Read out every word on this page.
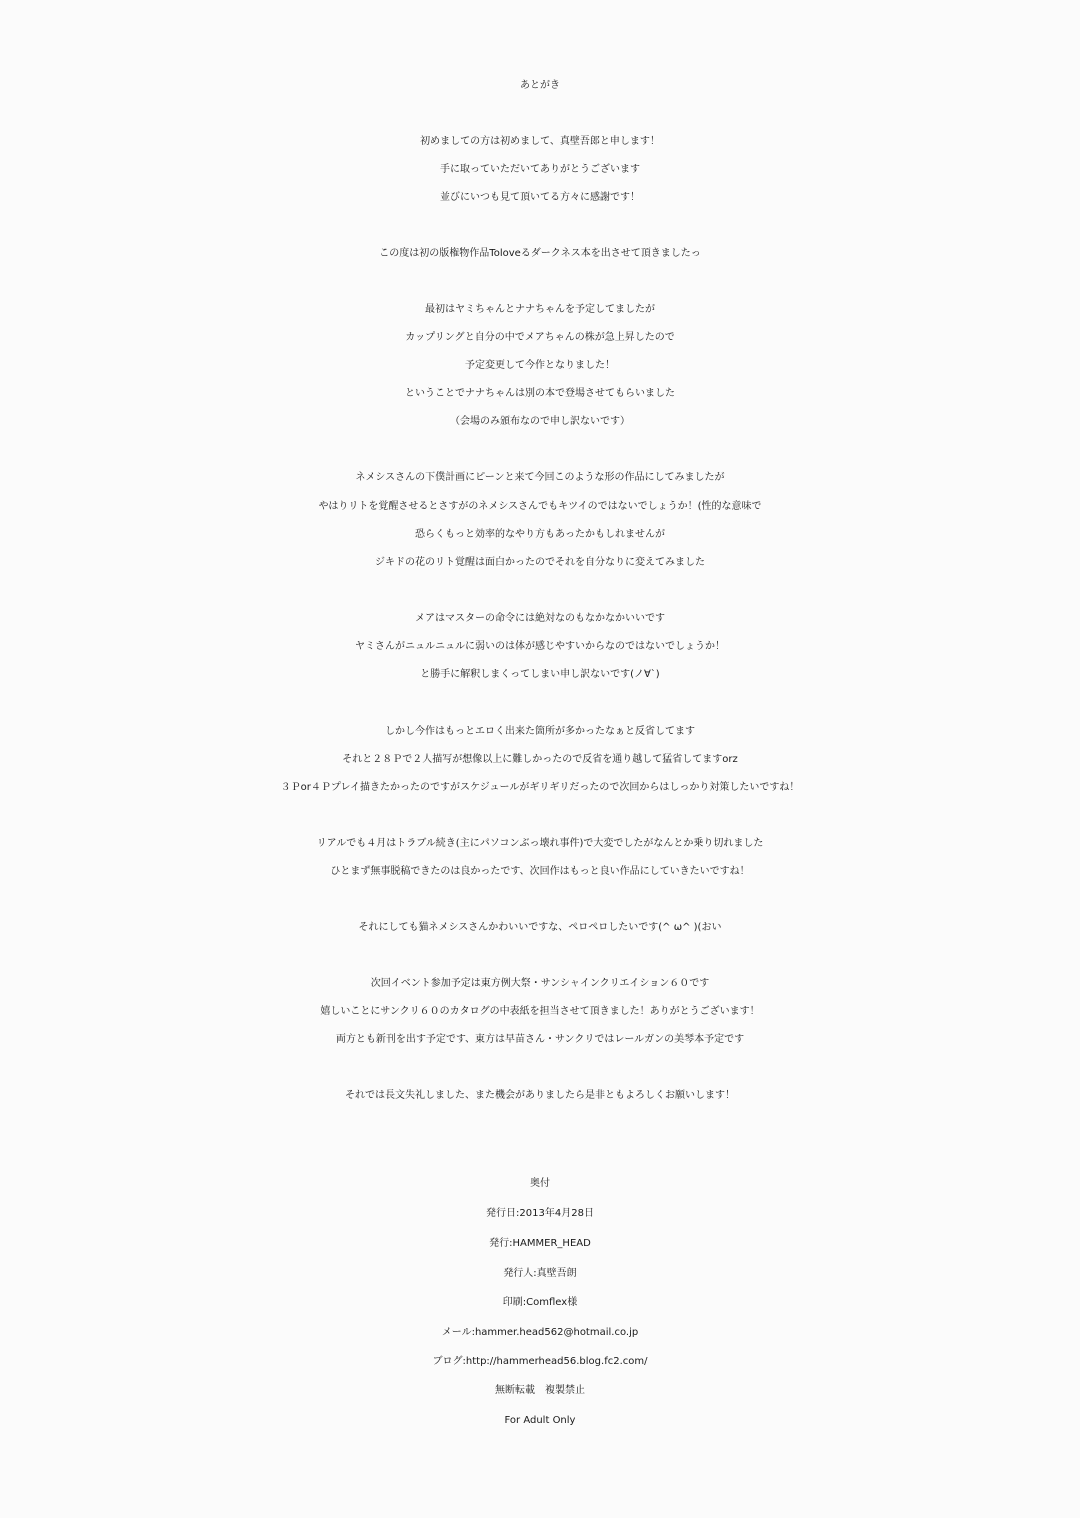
あとがき
初めましての方は初めまして、真壁吾郎と申します！
手に取っていただいてありがとうございます
並びにいつも見て頂いてる方々に感謝です！
この度は初の版権物作品Toloveるダークネス本を出させて頂きましたっ
最初はヤミちゃんとナナちゃんを予定してましたが
カップリングと自分の中でメアちゃんの株が急上昇したので
予定変更して今作となりました！
ということでナナちゃんは別の本で登場させてもらいました
（会場のみ頒布なので申し訳ないです）
ネメシスさんの下僕計画にピーンと来て今回このような形の作品にしてみましたが
やはりリトを覚醒させるとさすがのネメシスさんでもキツイのではないでしょうか！(性的な意味で
恐らくもっと効率的なやり方もあったかもしれませんが
ジキドの花のリト覚醒は面白かったのでそれを自分なりに変えてみました
メアはマスターの命令には絶対なのもなかなかいいです
ヤミさんがニュルニュルに弱いのは体が感じやすいからなのではないでしょうか！
と勝手に解釈しまくってしまい申し訳ないです(ノ∀`)
しかし今作はもっとエロく出来た箇所が多かったなぁと反省してます
それと２８Ｐで２人描写が想像以上に難しかったので反省を通り越して猛省してますorz
３Ｐor４Ｐプレイ描きたかったのですがスケジュールがギリギリだったので次回からはしっかり対策したいですね！
リアルでも４月はトラブル続き(主にパソコンぶっ壊れ事件)で大変でしたがなんとか乗り切れました
ひとまず無事脱稿できたのは良かったです、次回作はもっと良い作品にしていきたいですね！
それにしても猫ネメシスさんかわいいですな、ペロペロしたいです(^ ω^ )(おい
次回イベント参加予定は東方例大祭・サンシャインクリエイション６０です
嬉しいことにサンクリ６０のカタログの中表紙を担当させて頂きました！ありがとうございます！
両方とも新刊を出す予定です、東方は早苗さん・サンクリではレールガンの美琴本予定です
それでは長文失礼しました、また機会がありましたら是非ともよろしくお願いします！
奥付
発行日:2013年4月28日
発行:HAMMER_HEAD
発行人:真壁吾朗
印刷:Comflex様
メール:hammer.head562@hotmail.co.jp
ブログ:http://hammerhead56.blog.fc2.com/
無断転載　複製禁止
For Adult Only
